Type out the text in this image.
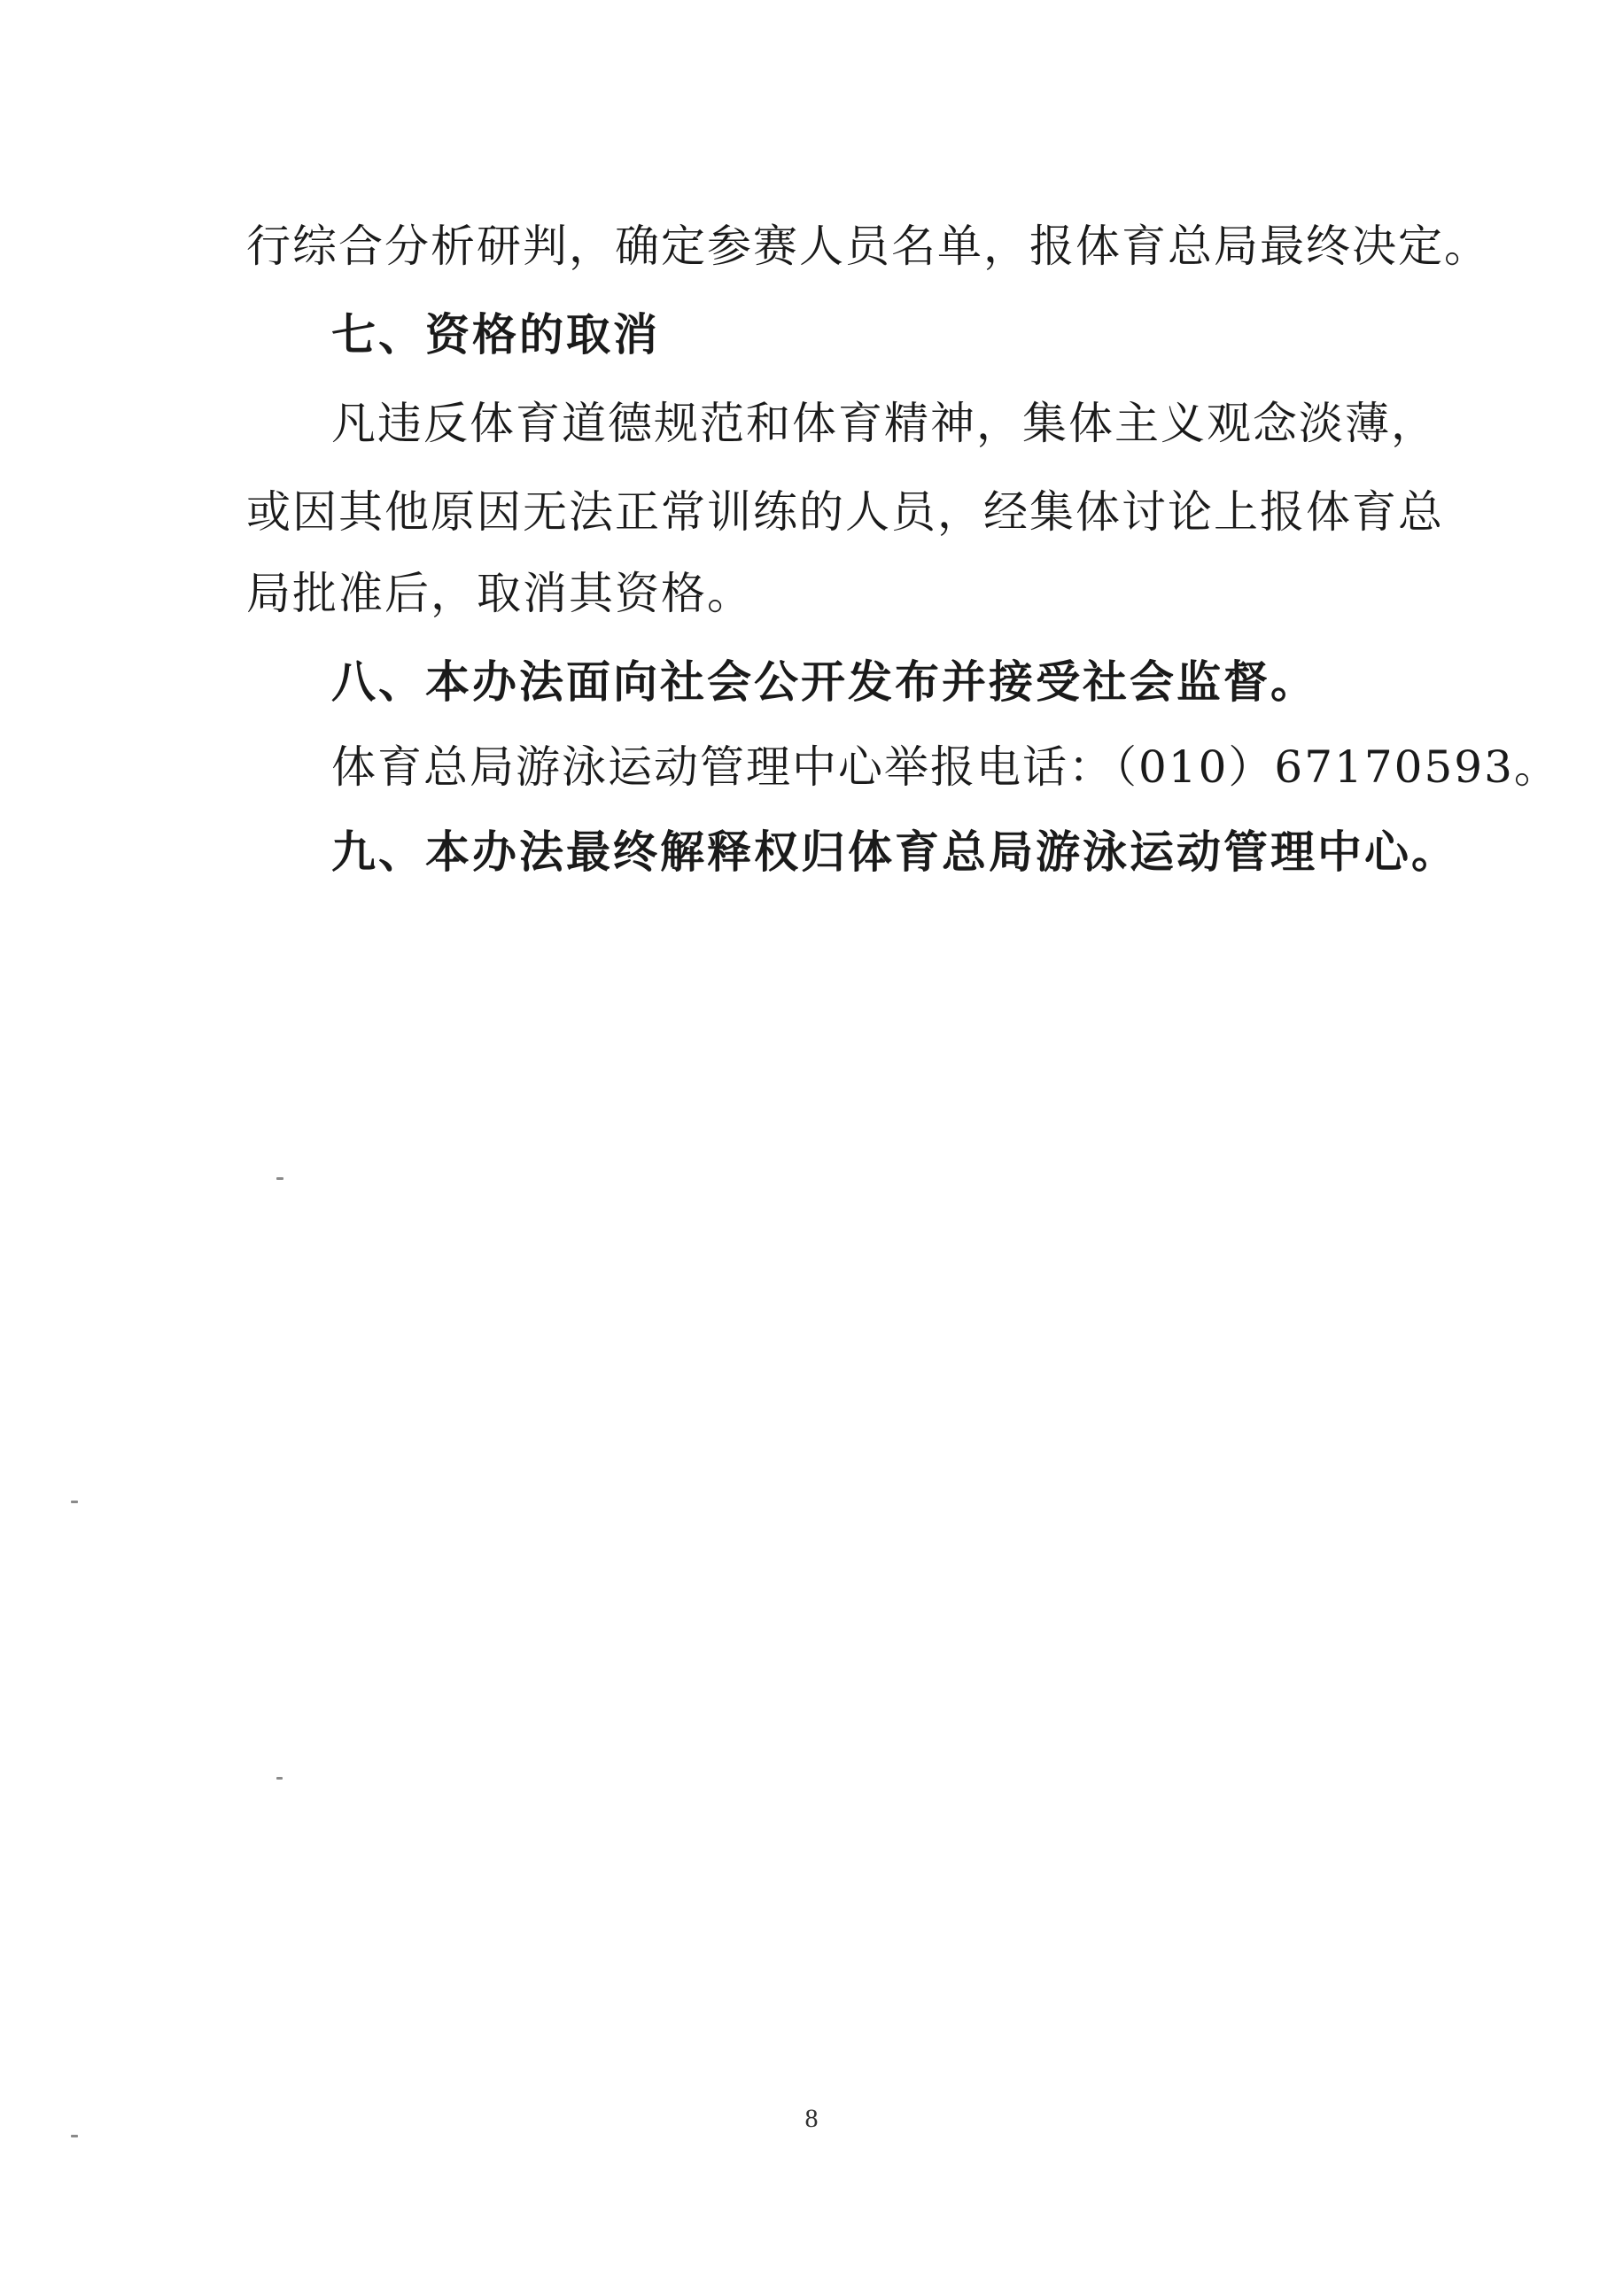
行综合分析研判，确定参赛人员名单，报体育总局最终决定。
七、资格的取消
凡违反体育道德规范和体育精神，集体主义观念淡薄，
或因其他原因无法正常训练的人员，经集体讨论上报体育总
局批准后，取消其资格。
八、本办法面向社会公开发布并接受社会监督。
体育总局游泳运动管理中心举报电话：（010）67170593。
九、本办法最终解释权归体育总局游泳运动管理中心。
8
